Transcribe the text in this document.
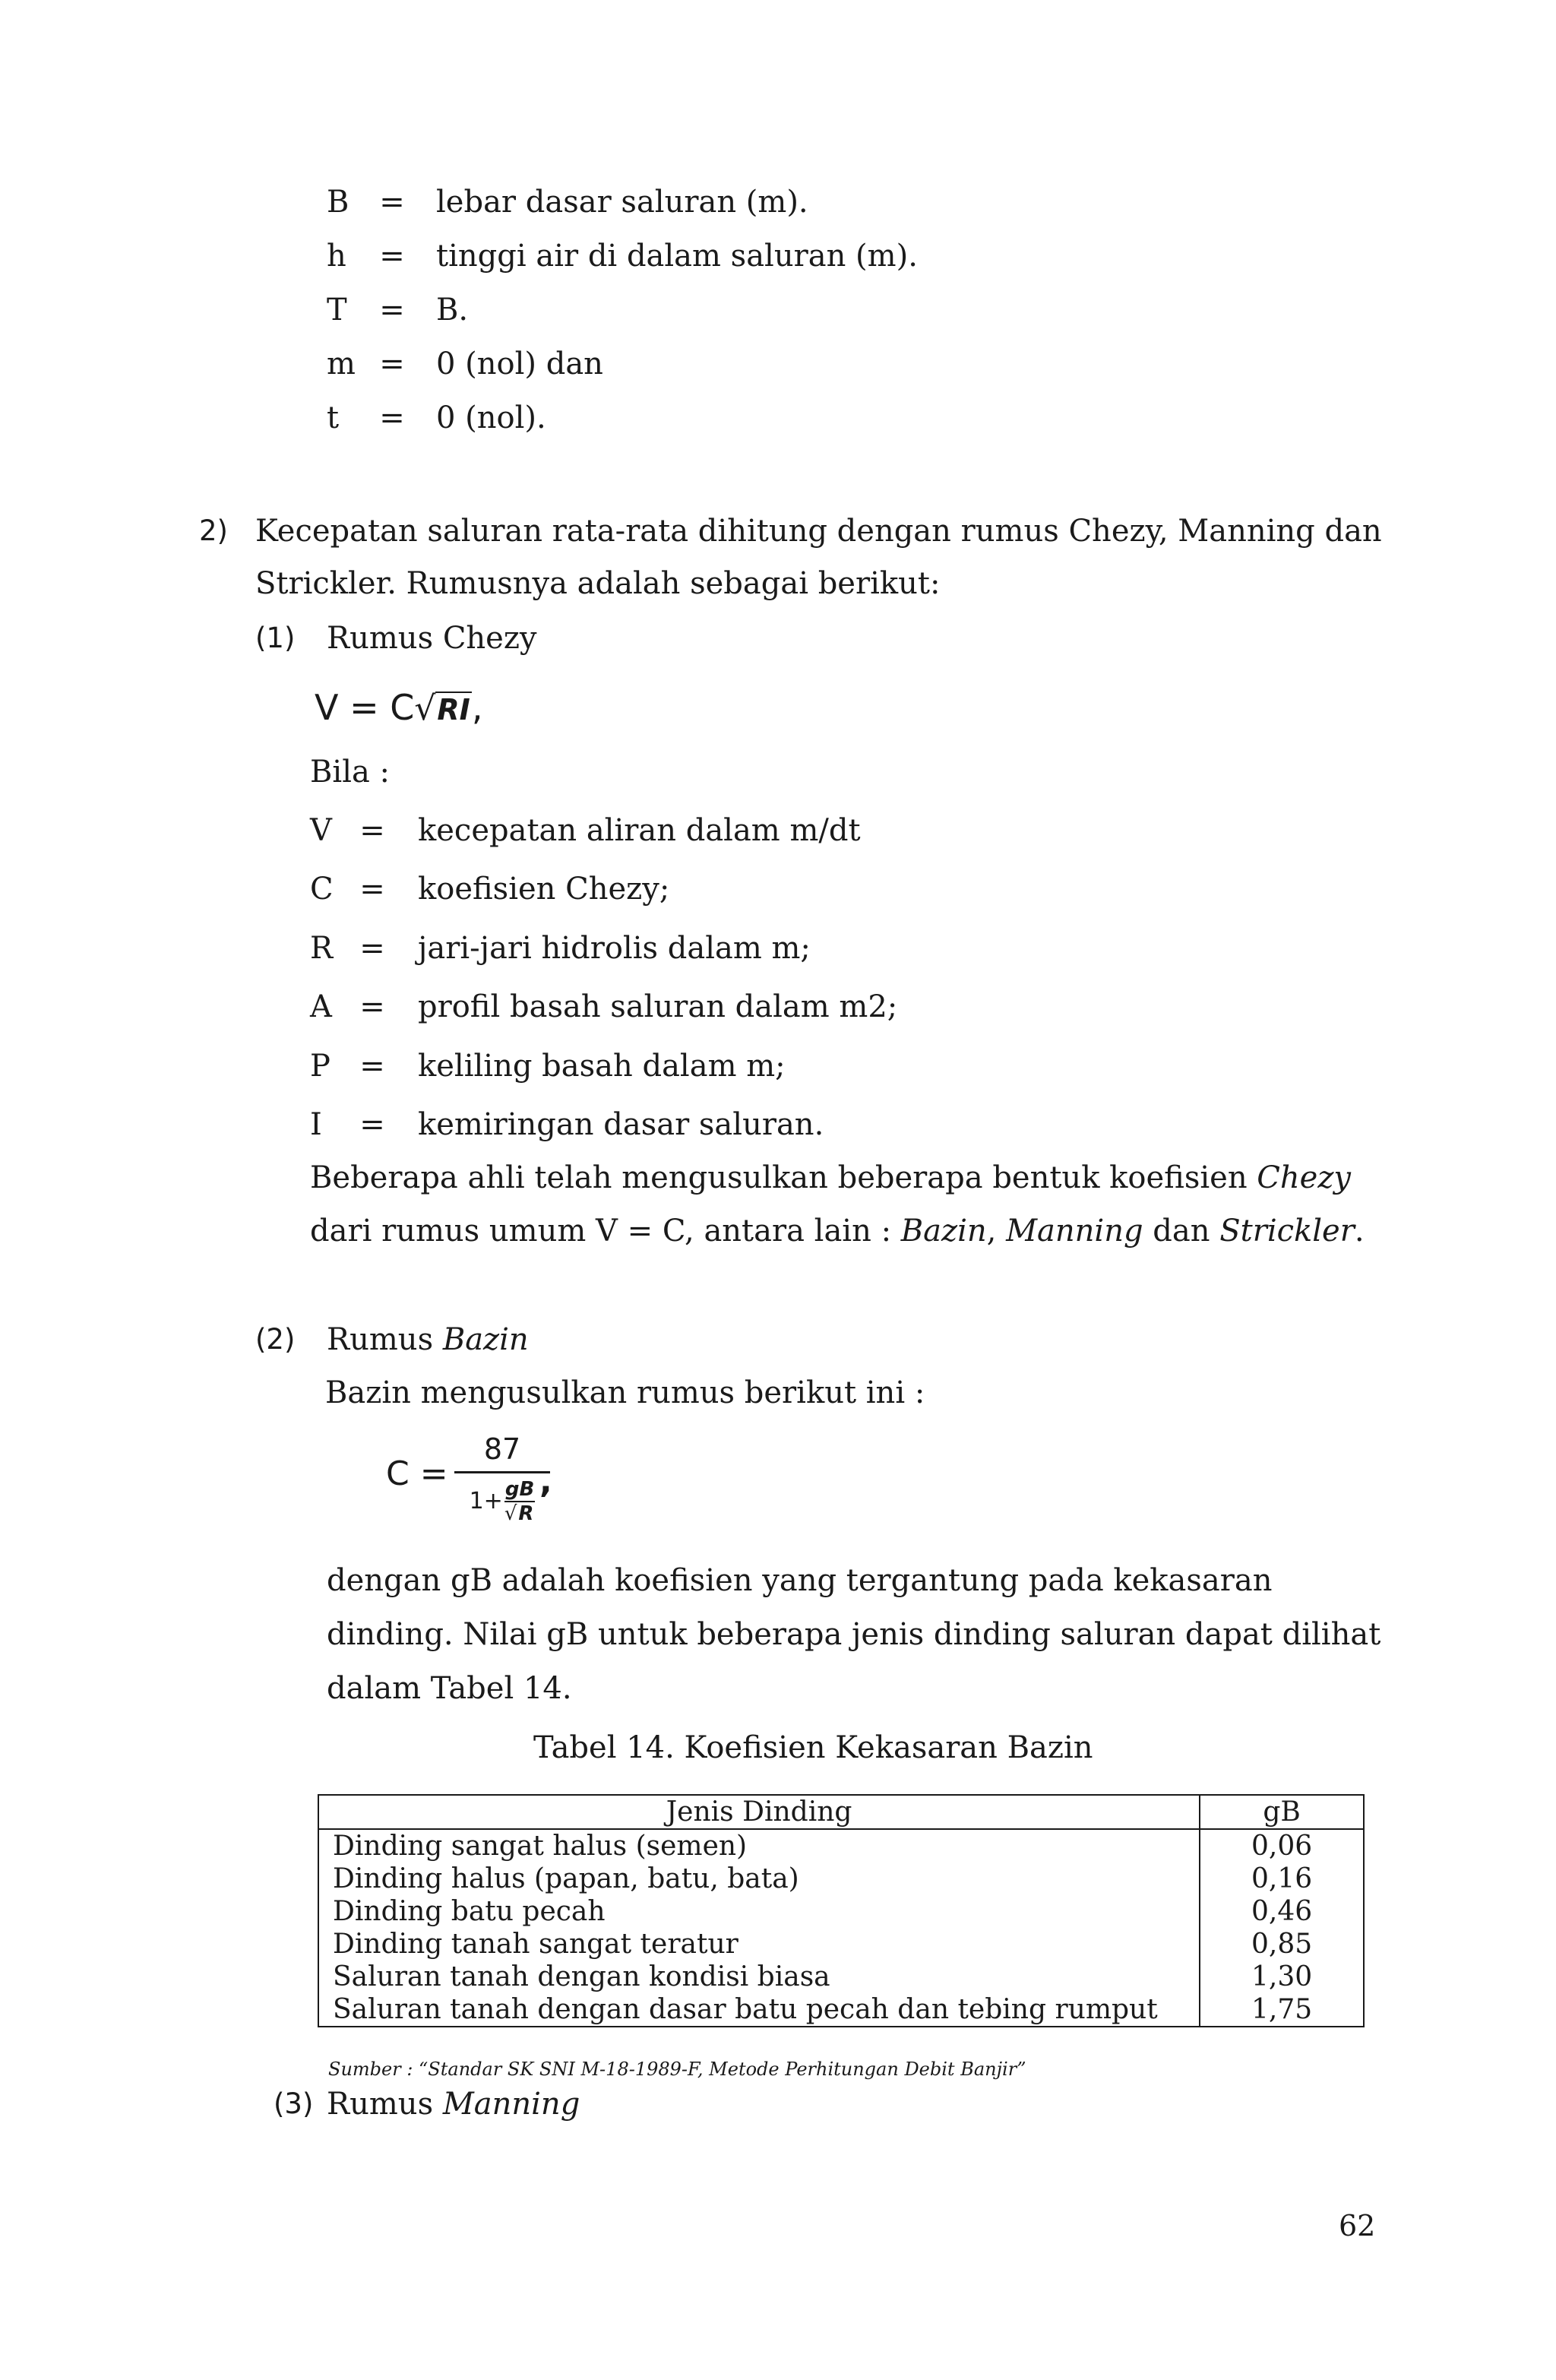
B = lebar dasar saluran (m).
h	= tinggi air di dalam saluran (m).
T	= B.
m = 0 (nol) dan
t	= 0 (nol).
2) Kecepatan saluran rata-rata dihitung dengan rumus Chezy, Manning dan
Strickler. Rumusnya adalah sebagai berikut:
(1) Rumus Chezy
V = C√RI,
Bila :
V = kecepatan aliran dalam m/dt
C = koefisien Chezy;
R = jari-jari hidrolis dalam m;
A = profil basah saluran dalam m2;
P = keliling basah dalam m;
I	= kemiringan dasar saluran.
Beberapa ahli telah mengusulkan beberapa bentuk koefisien Chezy
dari rumus umum V = C, antara lain : Bazin, Manning dan Strickler.
(2) Rumus Bazin
Bazin mengusulkan rumus berikut ini :
C =
87
1+ gB
√R
,
dengan gB adalah koefisien yang tergantung pada kekasaran
dinding. Nilai gB untuk beberapa jenis dinding saluran dapat dilihat
dalam Tabel 14.
Tabel 14. Koefisien Kekasaran Bazin
Jenis Dinding	gB
Dinding sangat halus (semen)	0,06
Dinding halus (papan, batu, bata)	0,16
Dinding batu pecah	0,46
Dinding tanah sangat teratur	0,85
Saluran tanah dengan kondisi biasa	1,30
Saluran tanah dengan dasar batu pecah dan tebing rumput	1,75
Sumber : “Standar SK SNI M-18-1989-F, Metode Perhitungan Debit Banjir”
(3) Rumus Manning
62
